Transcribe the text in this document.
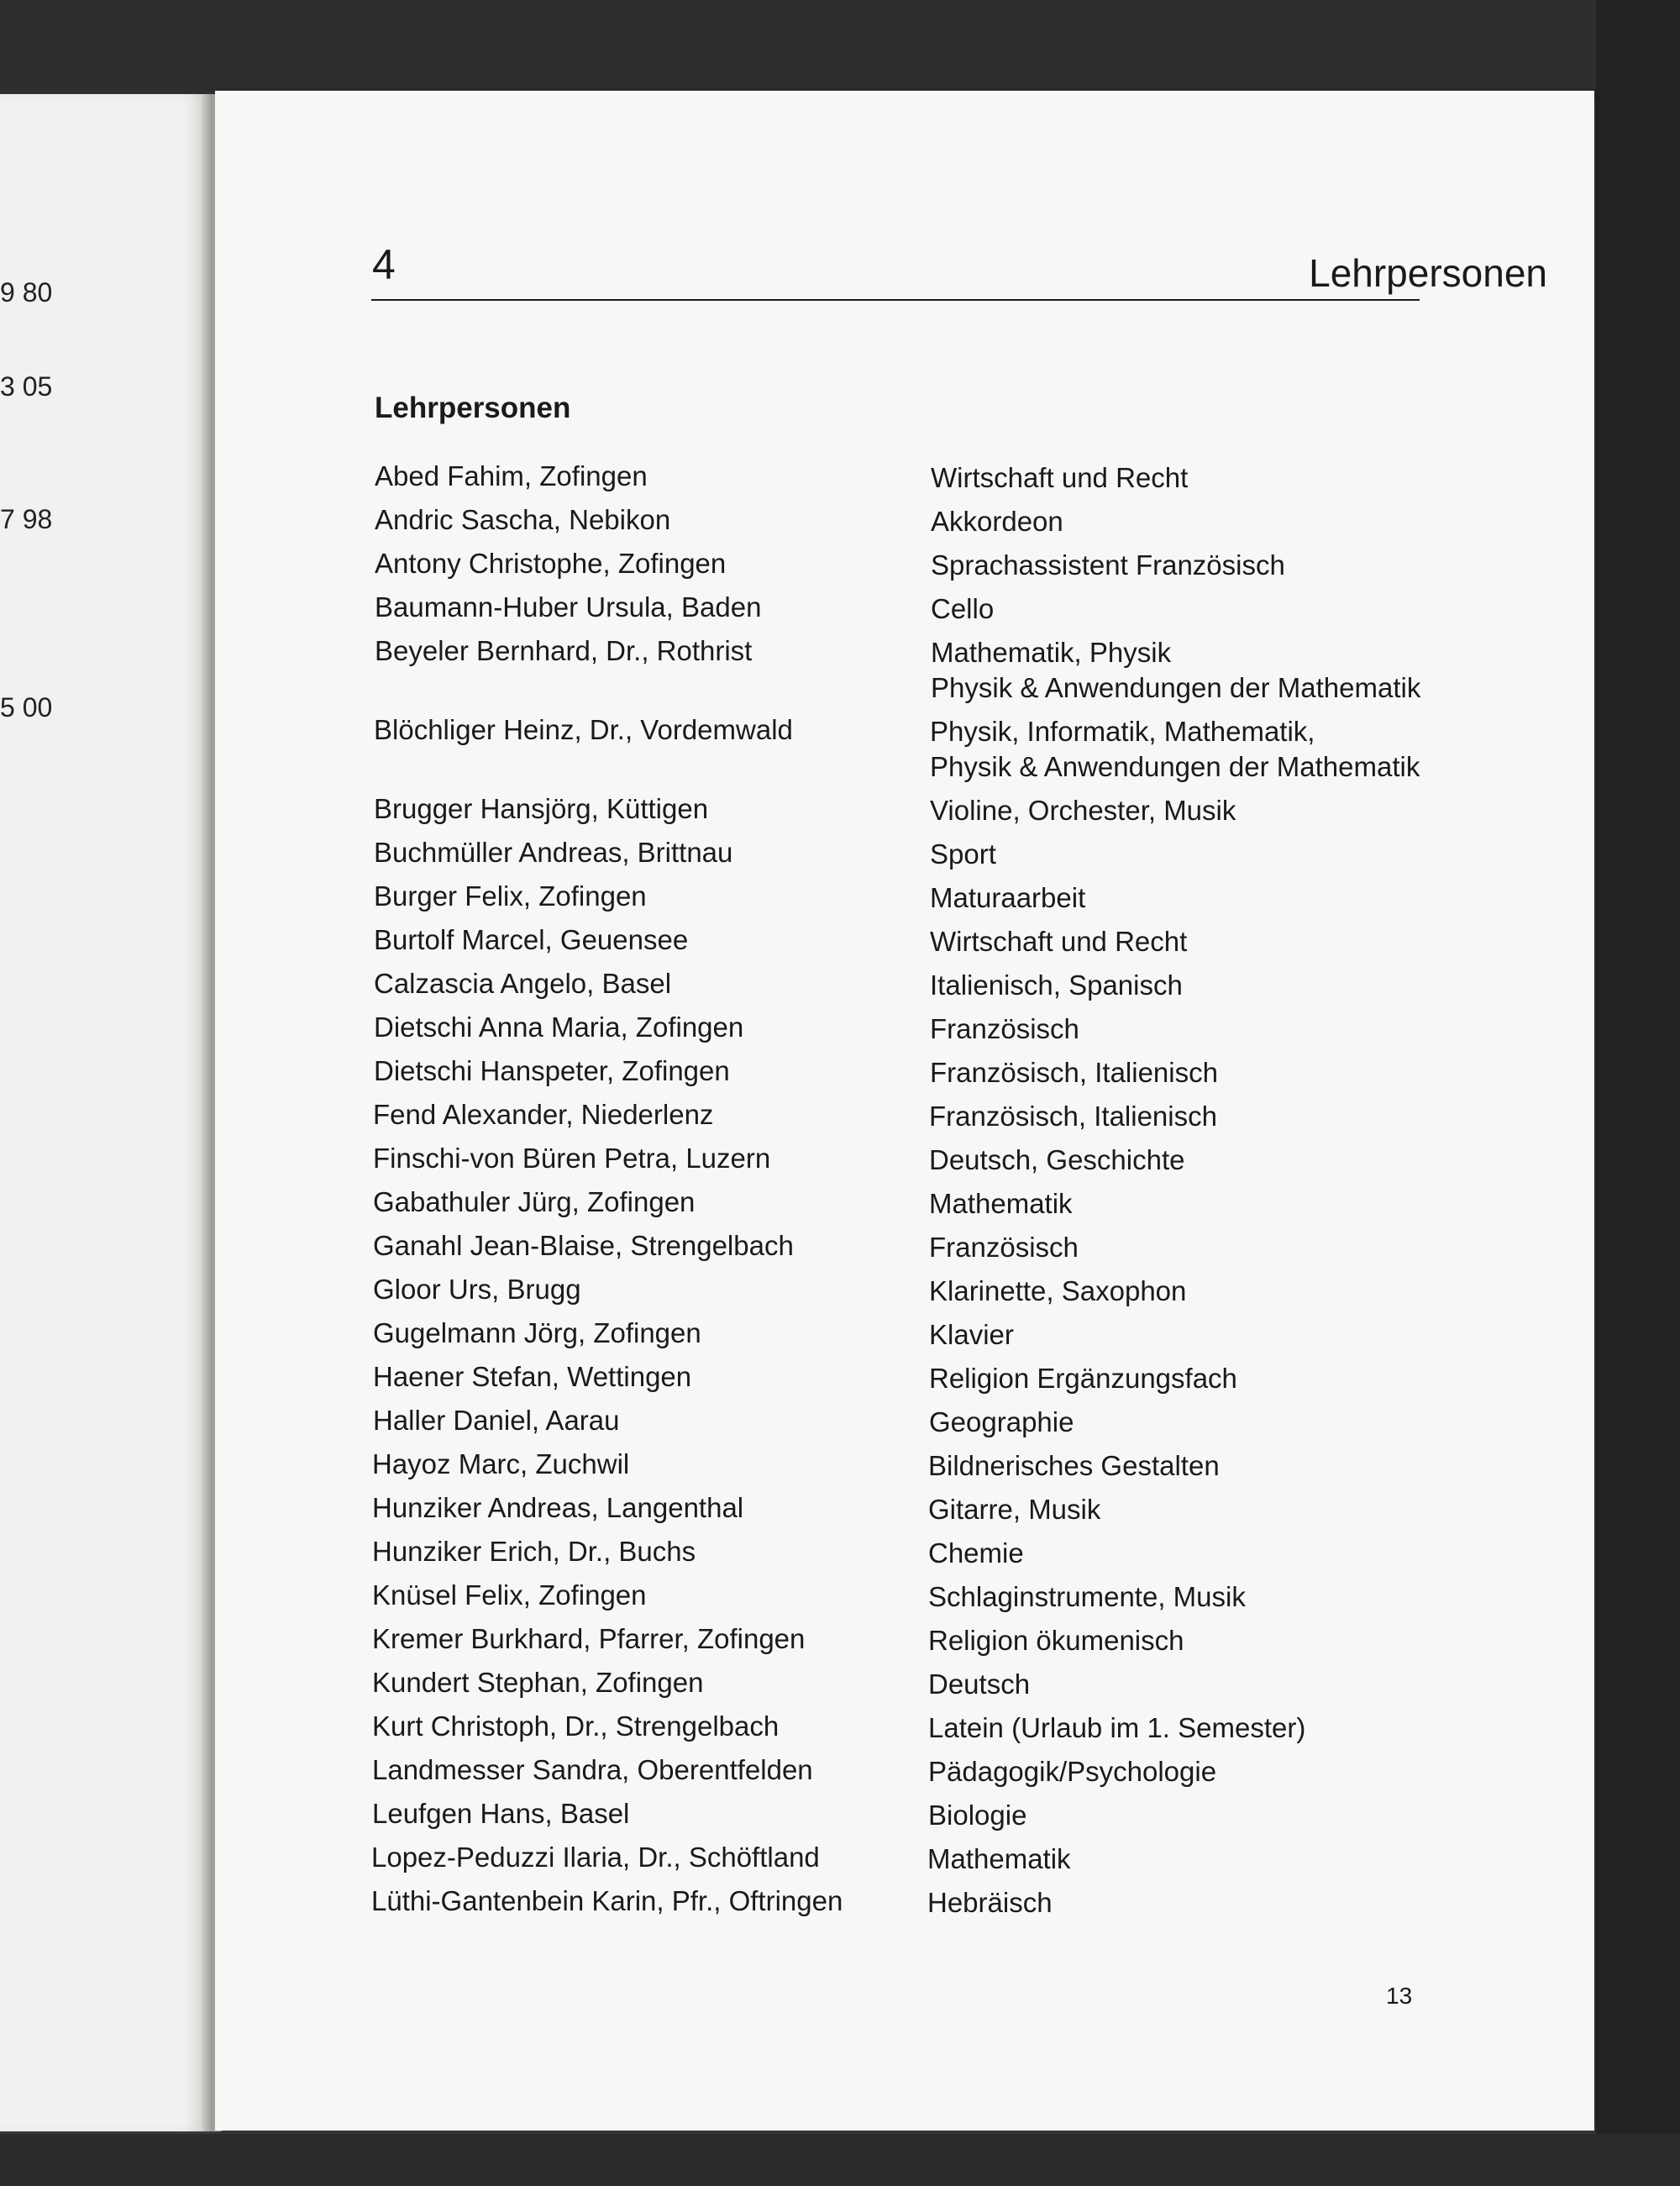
9 80
3 05
7 98
5 00
4	Lehrpersonen
Lehrpersonen
Abed Fahim, Zofingen	Wirtschaft und Recht
Andric Sascha, Nebikon	Akkordeon
Antony Christophe, Zofingen	Sprachassistent Französisch
Baumann-Huber Ursula, Baden	Cello
Beyeler Bernhard, Dr., Rothrist	Mathematik, Physik
Physik & Anwendungen der Mathematik
Blöchliger Heinz, Dr., Vordemwald	Physik, Informatik, Mathematik,
Physik & Anwendungen der Mathematik
Brugger Hansjörg, Küttigen	Violine, Orchester, Musik
Buchmüller Andreas, Brittnau	Sport
Burger Felix, Zofingen	Maturaarbeit
Burtolf Marcel, Geuensee	Wirtschaft und Recht
Calzascia Angelo, Basel	Italienisch, Spanisch
Dietschi Anna Maria, Zofingen	Französisch
Dietschi Hanspeter, Zofingen	Französisch, Italienisch
Fend Alexander, Niederlenz	Französisch, Italienisch
Finschi-von Büren Petra, Luzern	Deutsch, Geschichte
Gabathuler Jürg, Zofingen	Mathematik
Ganahl Jean-Blaise, Strengelbach	Französisch
Gloor Urs, Brugg	Klarinette, Saxophon
Gugelmann Jörg, Zofingen	Klavier
Haener Stefan, Wettingen	Religion Ergänzungsfach
Haller Daniel, Aarau	Geographie
Hayoz Marc, Zuchwil	Bildnerisches Gestalten
Hunziker Andreas, Langenthal	Gitarre, Musik
Hunziker Erich, Dr., Buchs	Chemie
Knüsel Felix, Zofingen	Schlaginstrumente, Musik
Kremer Burkhard, Pfarrer, Zofingen	Religion ökumenisch
Kundert Stephan, Zofingen	Deutsch
Kurt Christoph, Dr., Strengelbach	Latein (Urlaub im 1. Semester)
Landmesser Sandra, Oberentfelden	Pädagogik/Psychologie
Leufgen Hans, Basel	Biologie
Lopez-Peduzzi Ilaria, Dr., Schöftland	Mathematik
Lüthi-Gantenbein Karin, Pfr., Oftringen	Hebräisch
13
